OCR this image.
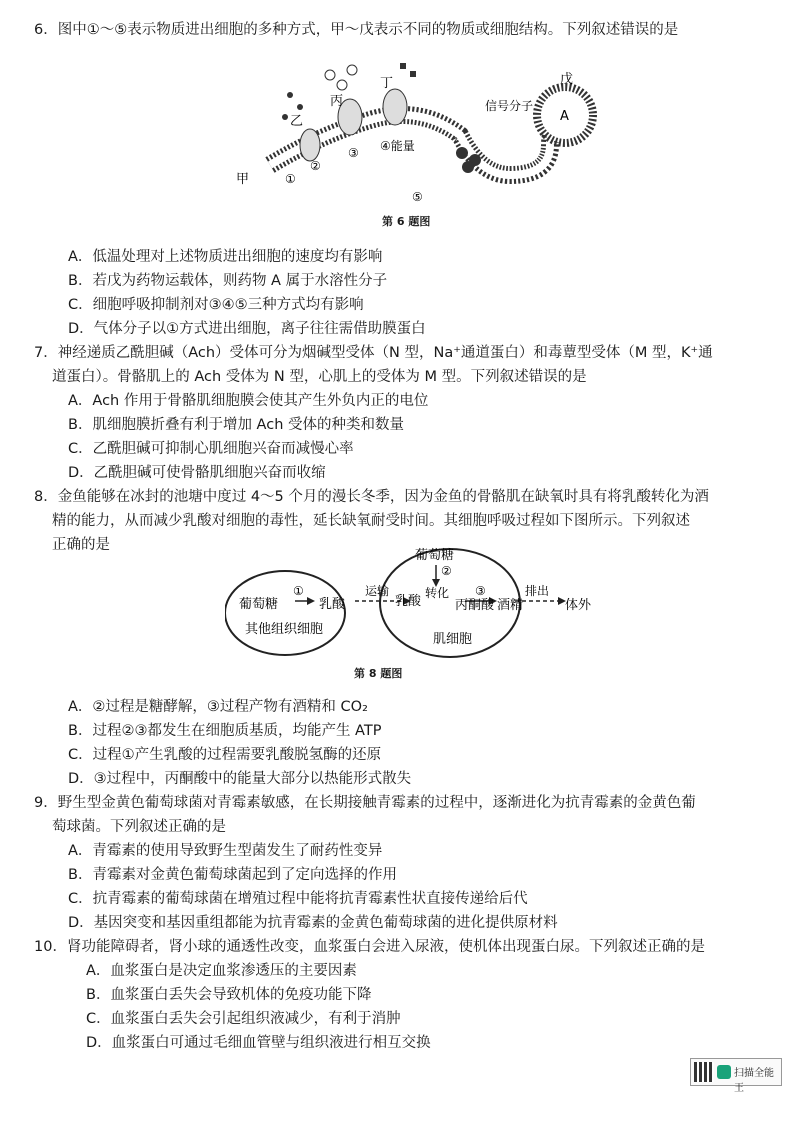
6．图中①～⑤表示物质进出细胞的多种方式，甲～戊表示不同的物质或细胞结构。下列叙述错误的是
甲
乙
丙
丁	戊
信号分子
A
④能量
①
②
③
⑤
第 6 题图
A．低温处理对上述物质进出细胞的速度均有影响
B．若戊为药物运载体，则药物 A 属于水溶性分子
C．细胞呼吸抑制剂对③④⑤三种方式均有影响
D．气体分子以①方式进出细胞，离子往往需借助膜蛋白
7．神经递质乙酰胆碱（Ach）受体可分为烟碱型受体（N 型，Na⁺通道蛋白）和毒蕈型受体（M 型，K⁺通
道蛋白）。骨骼肌上的 Ach 受体为 N 型，心肌上的受体为 M 型。下列叙述错误的是
A．Ach 作用于骨骼肌细胞膜会使其产生外负内正的电位
B．肌细胞膜折叠有利于增加 Ach 受体的种类和数量
C．乙酰胆碱可抑制心肌细胞兴奋而减慢心率
D．乙酰胆碱可使骨骼肌细胞兴奋而收缩
8．金鱼能够在冰封的池塘中度过 4～5 个月的漫长冬季，因为金鱼的骨骼肌在缺氧时具有将乳酸转化为酒
精的能力，从而减少乳酸对细胞的毒性，延长缺氧耐受时间。其细胞呼吸过程如下图所示。下列叙述
正确的是
葡萄糖
①
乳酸
其他组织细胞
运输
乳酸
转化
葡萄糖
②
丙酮酸
③
酒精
排出
体外
肌细胞
第 8 题图
A．②过程是糖酵解，③过程产物有酒精和 CO₂
B．过程②③都发生在细胞质基质，均能产生 ATP
C．过程①产生乳酸的过程需要乳酸脱氢酶的还原
D．③过程中，丙酮酸中的能量大部分以热能形式散失
9．野生型金黄色葡萄球菌对青霉素敏感，在长期接触青霉素的过程中，逐渐进化为抗青霉素的金黄色葡
萄球菌。下列叙述正确的是
A．青霉素的使用导致野生型菌发生了耐药性变异
B．青霉素对金黄色葡萄球菌起到了定向选择的作用
C．抗青霉素的葡萄球菌在增殖过程中能将抗青霉素性状直接传递给后代
D．基因突变和基因重组都能为抗青霉素的金黄色葡萄球菌的进化提供原材料
10．肾功能障碍者，肾小球的通透性改变，血浆蛋白会进入尿液，使机体出现蛋白尿。下列叙述正确的是
A．血浆蛋白是决定血浆渗透压的主要因素
B．血浆蛋白丢失会导致机体的免疫功能下降
C．血浆蛋白丢失会引起组织液减少，有利于消肿
D．血浆蛋白可通过毛细血管壁与组织液进行相互交换
扫描全能王
